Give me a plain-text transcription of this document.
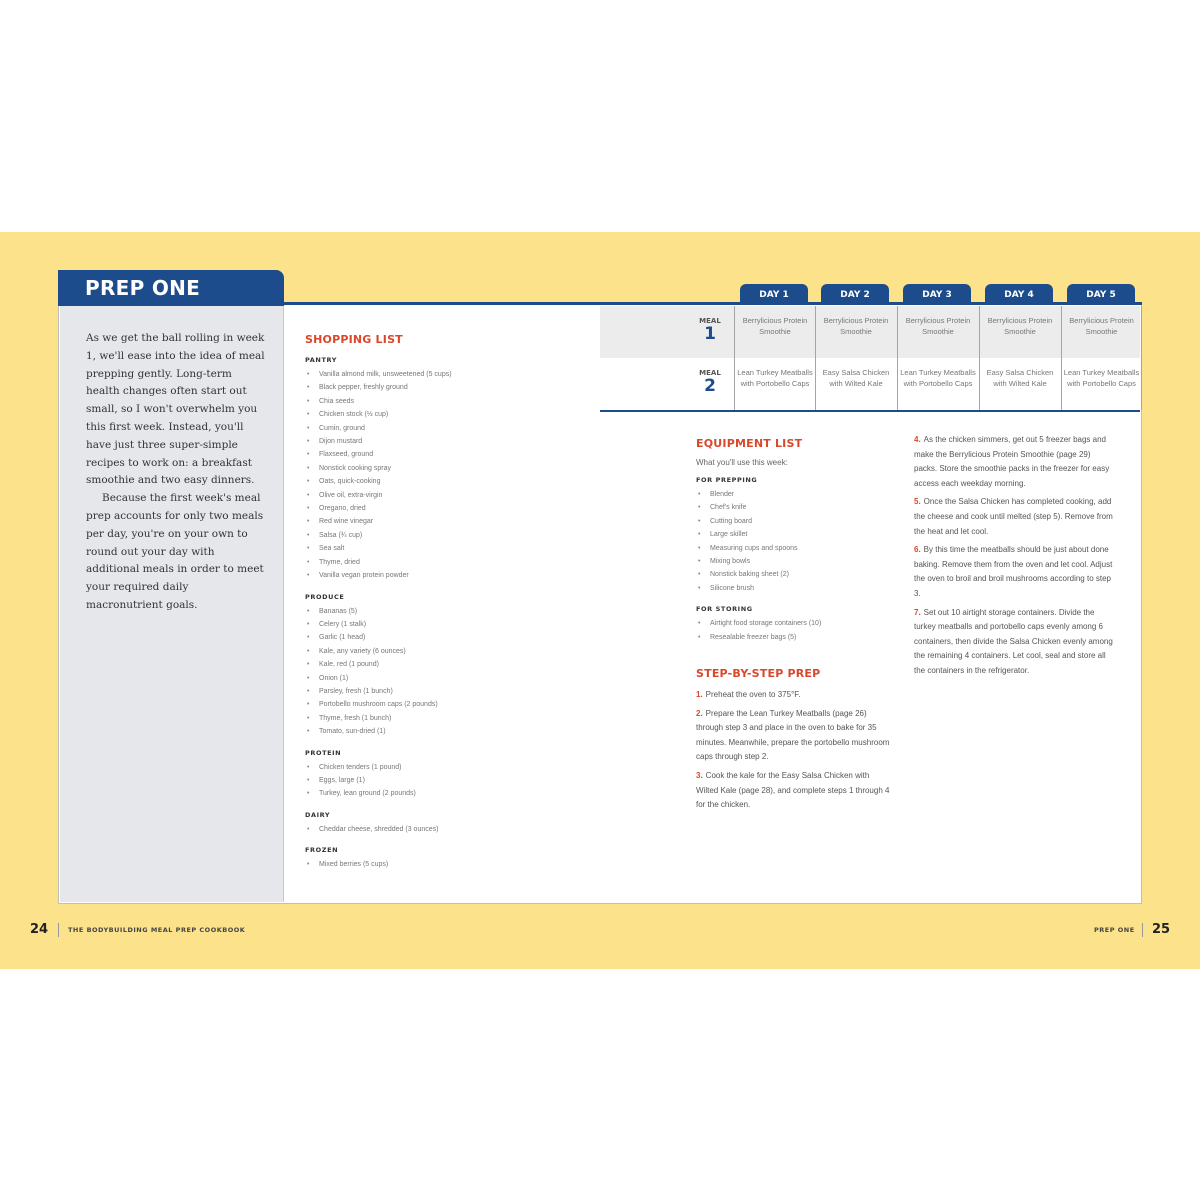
PREP ONE

As we get the ball rolling in week 1, we'll ease into the idea of meal prepping gently. Long-term health changes often start out small, so I won't overwhelm you this first week. Instead, you'll have just three super-simple recipes to work on: a breakfast smoothie and two easy dinners.

Because the first week's meal prep accounts for only two meals per day, you're on your own to round out your day with additional meals in order to meet your required daily macronutrient goals.

SHOPPING LIST
PANTRY
• Vanilla almond milk, unsweetened (5 cups)
• Black pepper, freshly ground
• Chia seeds
• Chicken stock (½ cup)
• Cumin, ground
• Dijon mustard
• Flaxseed, ground
• Nonstick cooking spray
• Oats, quick-cooking
• Olive oil, extra-virgin
• Oregano, dried
• Red wine vinegar
• Salsa (¾ cup)
• Sea salt
• Thyme, dried
• Vanilla vegan protein powder
PRODUCE
• Bananas (5)
• Celery (1 stalk)
• Garlic (1 head)
• Kale, any variety (6 ounces)
• Kale, red (1 pound)
• Onion (1)
• Parsley, fresh (1 bunch)
• Portobello mushroom caps (2 pounds)
• Thyme, fresh (1 bunch)
• Tomato, sun-dried (1)
PROTEIN
• Chicken tenders (1 pound)
• Eggs, large (1)
• Turkey, lean ground (2 pounds)
DAIRY
• Cheddar cheese, shredded (3 ounces)
FROZEN
• Mixed berries (5 cups)
DAY 1	DAY 2	DAY 3	DAY 4	DAY 5
MEAL
1
Berrylicious Protein Smoothie
Berrylicious Protein Smoothie
Berrylicious Protein Smoothie
Berrylicious Protein Smoothie
Berrylicious Protein Smoothie
MEAL
2
Lean Turkey Meatballs with Portobello Caps
Easy Salsa Chicken with Wilted Kale
Lean Turkey Meatballs with Portobello Caps
Easy Salsa Chicken with Wilted Kale
Lean Turkey Meatballs with Portobello Caps
EQUIPMENT LIST
What you'll use this week:
FOR PREPPING
• Blender
• Chef's knife
• Cutting board
• Large skillet
• Measuring cups and spoons
• Mixing bowls
• Nonstick baking sheet (2)
• Silicone brush
FOR STORING
• Airtight food storage containers (10)
• Resealable freezer bags (5)
STEP-BY-STEP PREP

1. Preheat the oven to 375°F.

2. Prepare the Lean Turkey Meatballs (page 26) through step 3 and place in the oven to bake for 35 minutes. Meanwhile, prepare the portobello mushroom caps through step 2.

3. Cook the kale for the Easy Salsa Chicken with Wilted Kale (page 28), and complete steps 1 through 4 for the chicken.

4. As the chicken simmers, get out 5 freezer bags and make the Berrylicious Protein Smoothie (page 29) packs. Store the smoothie packs in the freezer for easy access each weekday morning.

5. Once the Salsa Chicken has completed cooking, add the cheese and cook until melted (step 5). Remove from the heat and let cool.

6. By this time the meatballs should be just about done baking. Remove them from the oven and let cool. Adjust the oven to broil and broil mushrooms according to step 3.

7. Set out 10 airtight storage containers. Divide the turkey meatballs and portobello caps evenly among 6 containers, then divide the Salsa Chicken evenly among the remaining 4 containers. Let cool, seal and store all the containers in the refrigerator.

24	THE BODYBUILDING MEAL PREP COOKBOOK	PREP ONE 25
